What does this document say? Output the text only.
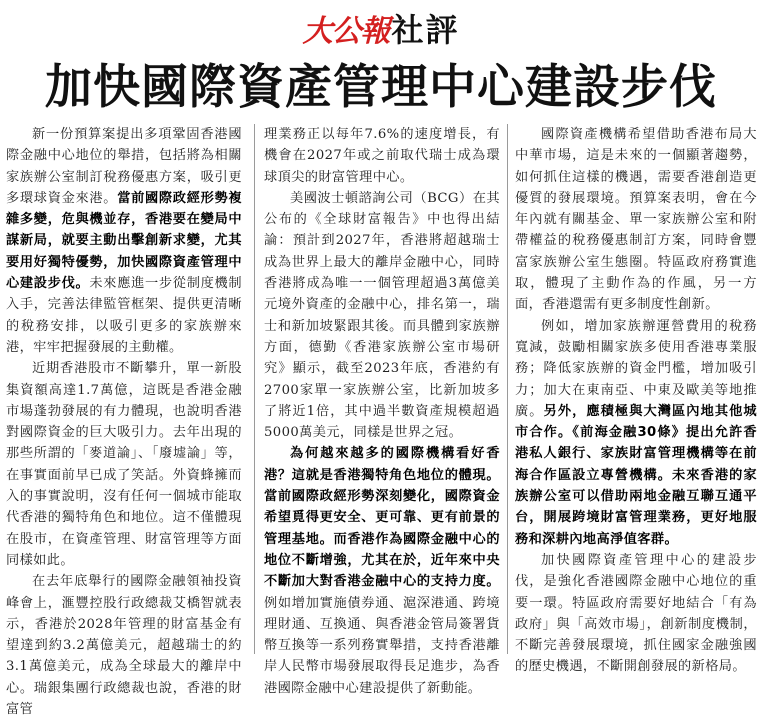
大公報 社評
加快國際資產管理中心建設步伐

新一份預算案提出多項鞏固香港國際金融中心地位的舉措，包括將為相關家族辦公室制訂稅務優惠方案，吸引更多環球資金來港。當前國際政經形勢複雜多變，危與機並存，香港要在變局中謀新局，就要主動出擊創新求變，尤其要用好獨特優勢，加快國際資產管理中心建設步伐。未來應進一步從制度機制入手，完善法律監管框架、提供更清晰的稅務安排，以吸引更多的家族辦來港，牢牢把握發展的主動權。

近期香港股市不斷攀升，單一新股集資額高達1.7萬億，這既是香港金融市場蓬勃發展的有力體現，也說明香港對國際資金的巨大吸引力。去年出現的那些所謂的「麥道論」、「廢墟論」等，在事實面前早已成了笑話。外資蜂擁而入的事實說明，沒有任何一個城市能取代香港的獨特角色和地位。這不僅體現在股市，在資產管理、財富管理等方面同樣如此。

在去年底舉行的國際金融領袖投資峰會上，滙豐控股行政總裁艾橋智就表示，香港於2028年管理的財富基金有望達到約3.2萬億美元，超越瑞士的約3.1萬億美元，成為全球最大的離岸中心。瑞銀集團行政總裁也說，香港的財富管

理業務正以每年7.6%的速度增長，有機會在2027年或之前取代瑞士成為環球頂尖的財富管理中心。

美國波士頓諮詢公司（BCG）在其公布的《全球財富報告》中也得出結論：預計到2027年，香港將超越瑞士成為世界上最大的離岸金融中心，同時香港將成為唯一一個管理超過3萬億美元境外資產的金融中心，排名第一，瑞士和新加坡緊跟其後。而具體到家族辦方面，德勤《香港家族辦公室市場研究》顯示，截至2023年底，香港約有2700家單一家族辦公室，比新加坡多了將近1倍，其中過半數資產規模超過5000萬美元，同樣是世界之冠。

為何越來越多的國際機構看好香港？這就是香港獨特角色地位的體現。當前國際政經形勢深刻變化，國際資金希望覓得更安全、更可靠、更有前景的管理基地。而香港作為國際金融中心的地位不斷增強，尤其在於，近年來中央不斷加大對香港金融中心的支持力度。例如增加實施債券通、滬深港通、跨境理財通、互換通、與香港金管局簽署貨幣互換等一系列務實舉措，支持香港離岸人民幣市場發展取得長足進步，為香港國際金融中心建設提供了新動能。

國際資產機構希望借助香港布局大中華市場，這是未來的一個顯著趨勢，如何抓住這樣的機遇，需要香港創造更優質的發展環境。預算案表明，會在今年內就有關基金、單一家族辦公室和附帶權益的稅務優惠制訂方案，同時會豐富家族辦公室生態圈。特區政府務實進取，體現了主動作為的作風，另一方面，香港還需有更多制度性創新。

例如，增加家族辦運營費用的稅務寬減，鼓勵相關家族多使用香港專業服務；降低家族辦的資金門檻，增加吸引力；加大在東南亞、中東及歐美等地推廣。另外，應積極與大灣區內地其他城市合作。《前海金融30條》提出允許香港私人銀行、家族財富管理機構等在前海合作區設立專營機構。未來香港的家族辦公室可以借助兩地金融互聯互通平台，開展跨境財富管理業務，更好地服務和深耕內地高淨值客群。

加快國際資產管理中心的建設步伐，是強化香港國際金融中心地位的重要一環。特區政府需要好地結合「有為政府」與「高效市場」，創新制度機制，不斷完善發展環境，抓住國家金融強國的歷史機遇，不斷開創發展的新格局。
